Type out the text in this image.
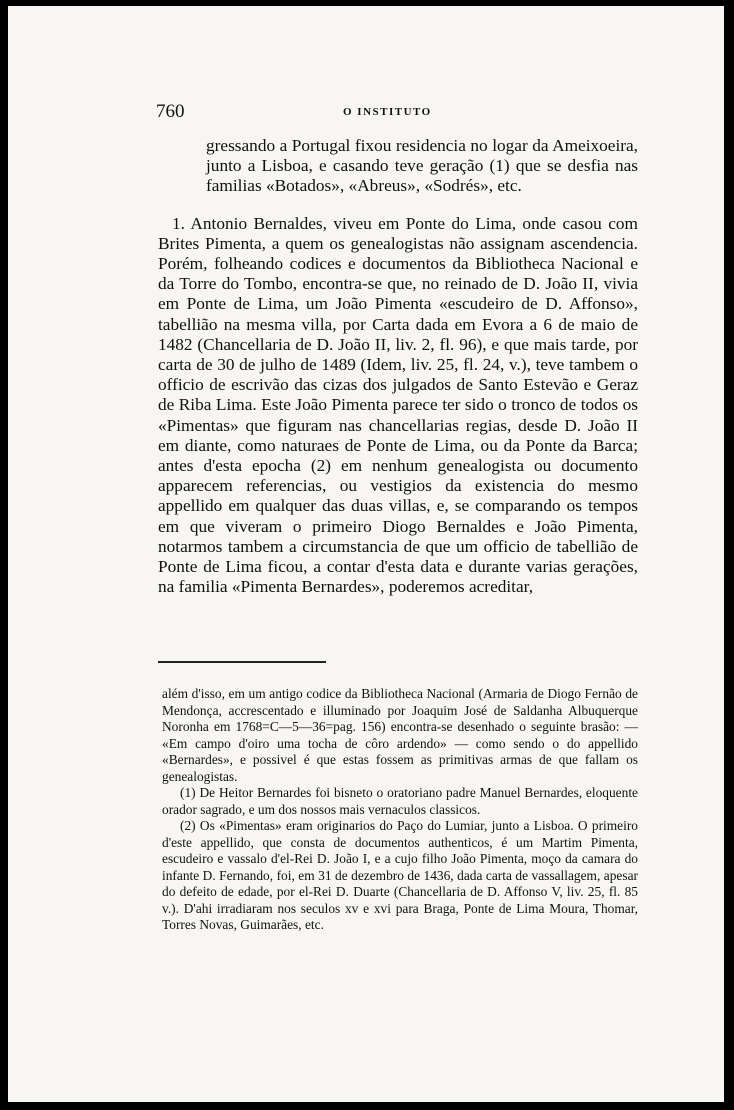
760	O INSTITUTO

gressando a Portugal fixou residencia no logar da Ameixoeira, junto a Lisboa, e casando teve geração (1) que se desfia nas familias «Botados», «Abreus», «Sodrés», etc.

1. Antonio Bernaldes, viveu em Ponte do Lima, onde casou com Brites Pimenta, a quem os genealogistas não assignam ascendencia. Porém, folheando codices e documentos da Bibliotheca Nacional e da Torre do Tombo, encontra-se que, no reinado de D. João II, vivia em Ponte de Lima, um João Pimenta «escudeiro de D. Affonso», tabellião na mesma villa, por Carta dada em Evora a 6 de maio de 1482 (Chancellaria de D. João II, liv. 2, fl. 96), e que mais tarde, por carta de 30 de julho de 1489 (Idem, liv. 25, fl. 24, v.), teve tambem o officio de escrivão das cizas dos julgados de Santo Estevão e Geraz de Riba Lima. Este João Pimenta parece ter sido o tronco de todos os «Pimentas» que figuram nas chancellarias regias, desde D. João II em diante, como naturaes de Ponte de Lima, ou da Ponte da Barca; antes d'esta epocha (2) em nenhum genealogista ou documento apparecem referencias, ou vestigios da existencia do mesmo appellido em qualquer das duas villas, e, se comparando os tempos em que viveram o primeiro Diogo Bernaldes e João Pimenta, notarmos tambem a circumstancia de que um officio de tabellião de Ponte de Lima ficou, a contar d'esta data e durante varias gerações, na familia «Pimenta Bernardes», poderemos acreditar,

além d'isso, em um antigo codice da Bibliotheca Nacional (Armaria de Diogo Fernão de Mendonça, accrescentado e illuminado por Joaquim José de Saldanha Albuquerque Noronha em 1768=C—5—36=pag. 156) encontra-se desenhado o seguinte brasão: — «Em campo d'oiro uma tocha de côro ardendo» — como sendo o do appellido «Bernardes», e possivel é que estas fossem as primitivas armas de que fallam os genealogistas.

(1) De Heitor Bernardes foi bisneto o oratoriano padre Manuel Bernardes, eloquente orador sagrado, e um dos nossos mais vernaculos classicos.

(2) Os «Pimentas» eram originarios do Paço do Lumiar, junto a Lisboa. O primeiro d'este appellido, que consta de documentos authenticos, é um Martim Pimenta, escudeiro e vassalo d'el-Rei D. João I, e a cujo filho João Pimenta, moço da camara do infante D. Fernando, foi, em 31 de dezembro de 1436, dada carta de vassallagem, apesar do defeito de edade, por el-Rei D. Duarte (Chancellaria de D. Affonso V, liv. 25, fl. 85 v.). D'ahi irradiaram nos seculos xv e xvi para Braga, Ponte de Lima Moura, Thomar, Torres Novas, Guimarães, etc.
